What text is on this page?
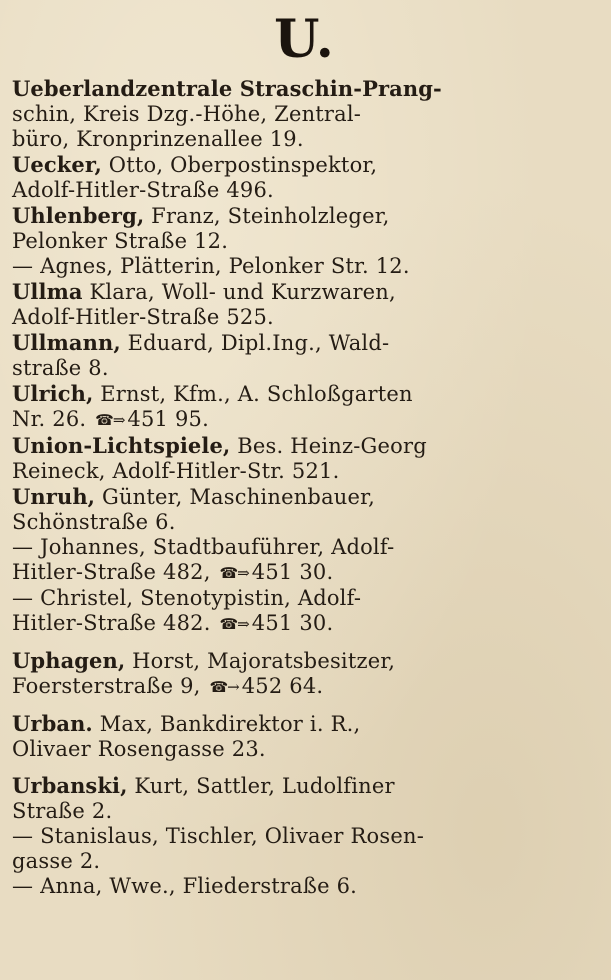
U.
Ueberlandzentrale Straschin-Prang-
schin, Kreis Dzg.-Höhe, Zentral-
büro, Kronprinzenallee 19.
Uecker, Otto, Oberpostinspektor,
Adolf-Hitler-Straße 496.
Uhlenberg, Franz, Steinholzleger,
Pelonker Straße 12.
— Agnes, Plätterin, Pelonker Str. 12.
Ullma Klara, Woll- und Kurzwaren,
Adolf-Hitler-Straße 525.
Ullmann, Eduard, Dipl.Ing., Wald-
straße 8.
Ulrich, Ernst, Kfm., A. Schloßgarten
Nr. 26. ☎⇒ 451 95.
Union-Lichtspiele, Bes. Heinz-Georg
Reineck, Adolf-Hitler-Str. 521.
Unruh, Günter, Maschinenbauer,
Schönstraße 6.
— Johannes, Stadtbauführer, Adolf-
Hitler-Straße 482, ☎⇒ 451 30.
— Christel, Stenotypistin, Adolf-
Hitler-Straße 482. ☎⇒ 451 30.
Uphagen, Horst, Majoratsbesitzer,
Foersterstraße 9, ☎→ 452 64.
Urban. Max, Bankdirektor i. R.,
Olivaer Rosengasse 23.
Urbanski, Kurt, Sattler, Ludolfiner
Straße 2.
— Stanislaus, Tischler, Olivaer Rosen-
gasse 2.
— Anna, Wwe., Fliederstraße 6.
